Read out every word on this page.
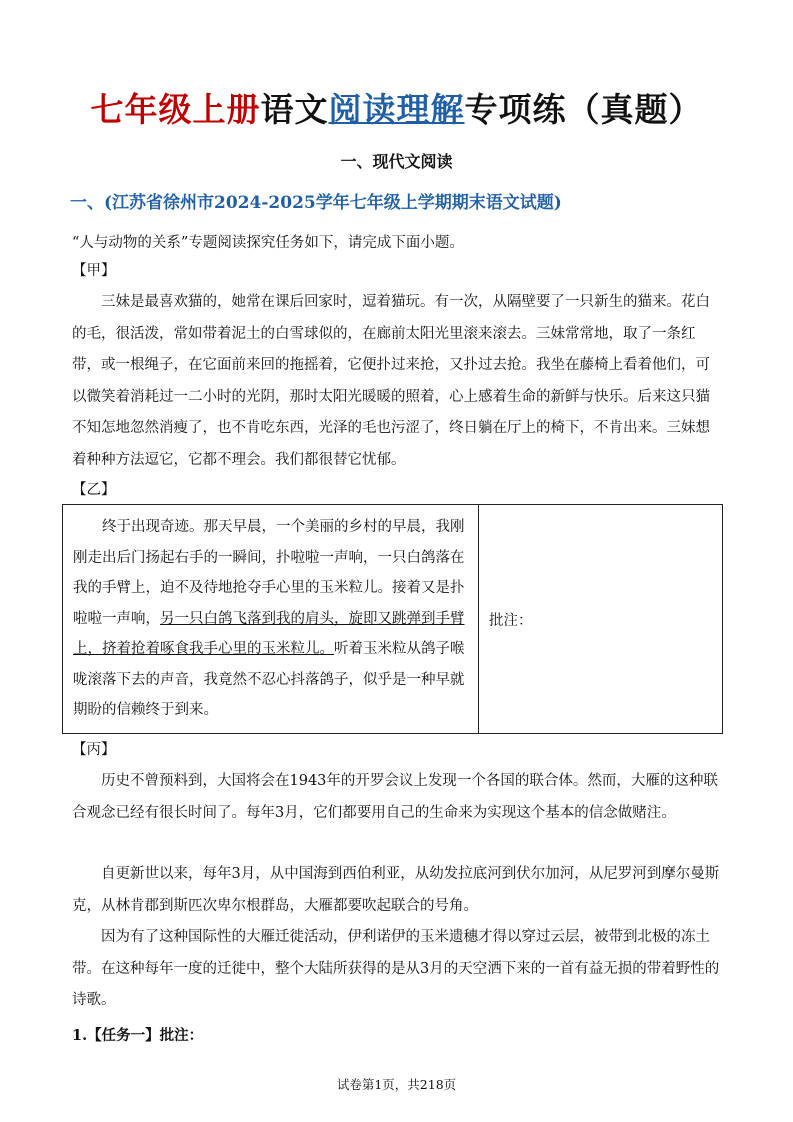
七年级上册语文阅读理解专项练（真题）
一、现代文阅读
一、(江苏省徐州市2024-2025学年七年级上学期期末语文试题)
“人与动物的关系”专题阅读探究任务如下，请完成下面小题。
【甲】
三妹是最喜欢猫的，她常在课后回家时，逗着猫玩。有一次，从隔壁要了一只新生的猫来。花白的毛，很活泼，常如带着泥土的白雪球似的，在廊前太阳光里滚来滚去。三妹常常地，取了一条红带，或一根绳子，在它面前来回的拖摇着，它便扑过来抢，又扑过去抢。我坐在藤椅上看着他们，可以微笑着消耗过一二小时的光阴，那时太阳光暖暖的照着，心上感着生命的新鲜与快乐。后来这只猫不知怎地忽然消瘦了，也不肯吃东西，光泽的毛也污涩了，终日躺在厅上的椅下，不肯出来。三妹想着种种方法逗它，它都不理会。我们都很替它忧郁。
【乙】
终于出现奇迹。那天早晨，一个美丽的乡村的早晨，我刚刚走出后门扬起右手的一瞬间，扑啦啦一声响，一只白鸽落在我的手臂上，迫不及待地抢夺手心里的玉米粒儿。接着又是扑啦啦一声响，另一只白鸽飞落到我的肩头，旋即又跳弹到手臂上，挤着抢着啄食我手心里的玉米粒儿。听着玉米粒从鸽子喉咙滚落下去的声音，我竟然不忍心抖落鸽子，似乎是一种早就期盼的信赖终于到来。	批注：
【丙】
历史不曾预料到，大国将会在1943年的开罗会议上发现一个各国的联合体。然而，大雁的这种联合观念已经有很长时间了。每年3月，它们都要用自己的生命来为实现这个基本的信念做赌注。
自更新世以来，每年3月，从中国海到西伯利亚，从幼发拉底河到伏尔加河，从尼罗河到摩尔曼斯克，从林肯郡到斯匹次卑尔根群岛，大雁都要吹起联合的号角。
因为有了这种国际性的大雁迁徙活动，伊利诺伊的玉米遗穗才得以穿过云层，被带到北极的冻土带。在这种每年一度的迁徙中，整个大陆所获得的是从3月的天空洒下来的一首有益无损的带着野性的诗歌。
1.【任务一】批注：
试卷第1页，共218页
